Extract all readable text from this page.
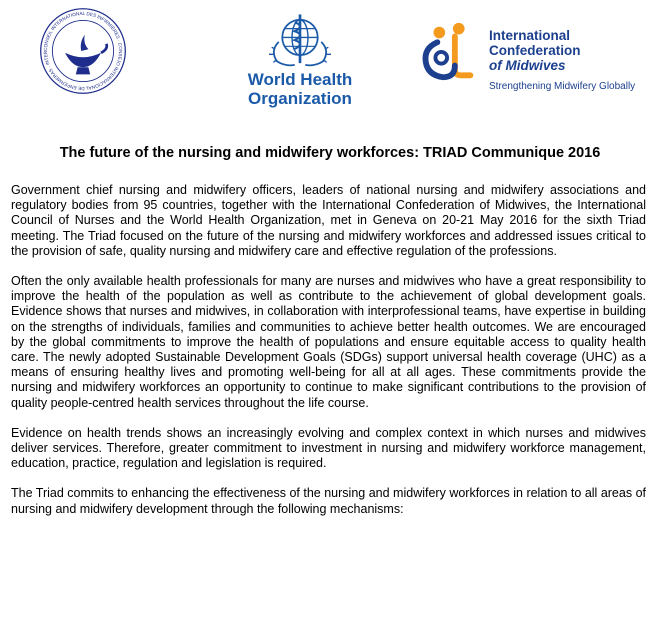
CONSEIL INTERNATIONAL DES INFIRMIÈRES · CONSEJO INTERNACIONAL DE ENFERMERAS · INTER
World Health
Organization
International
Confederation
of Midwives
Strengthening Midwifery Globally
The future of the nursing and midwifery workforces: TRIAD Communique 2016

Government chief nursing and midwifery officers, leaders of national nursing and midwifery associations and regulatory bodies from 95 countries, together with the International Confederation of Midwives, the International Council of Nurses and the World Health Organization, met in Geneva on 20-21 May 2016 for the sixth Triad meeting. The Triad focused on the future of the nursing and midwifery workforces and addressed issues critical to the provision of safe, quality nursing and midwifery care and effective regulation of the professions.

Often the only available health professionals for many are nurses and midwives who have a great responsibility to improve the health of the population as well as contribute to the achievement of global development goals. Evidence shows that nurses and midwives, in collaboration with interprofessional teams, have expertise in building on the strengths of individuals, families and communities to achieve better health outcomes. We are encouraged by the global commitments to improve the health of populations and ensure equitable access to quality health care. The newly adopted Sustainable Development Goals (SDGs) support universal health coverage (UHC) as a means of ensuring healthy lives and promoting well-being for all at all ages. These commitments provide the nursing and midwifery workforces an opportunity to continue to make significant contributions to the provision of quality people-centred health services throughout the life course.

Evidence on health trends shows an increasingly evolving and complex context in which nurses and midwives deliver services. Therefore, greater commitment to investment in nursing and midwifery workforce management, education, practice, regulation and legislation is required.

The Triad commits to enhancing the effectiveness of the nursing and midwifery workforces in relation to all areas of nursing and midwifery development through the following mechanisms:
